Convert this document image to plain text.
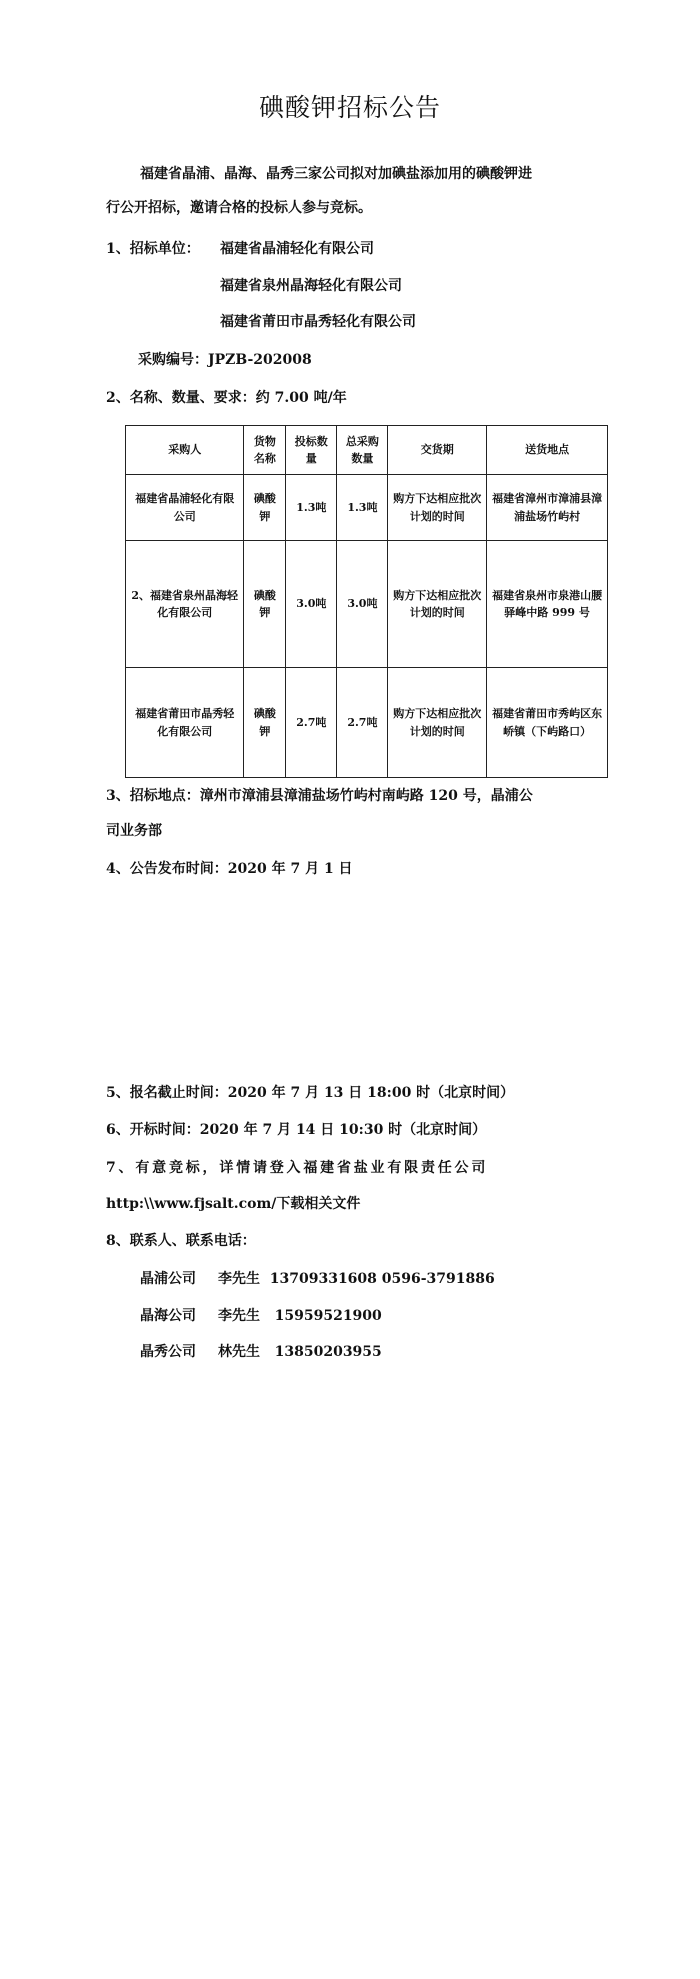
碘酸钾招标公告
福建省晶浦、晶海、晶秀三家公司拟对加碘盐添加用的碘酸钾进
行公开招标，邀请合格的投标人参与竞标。
1、招标单位： 福建省晶浦轻化有限公司
福建省泉州晶海轻化有限公司
福建省莆田市晶秀轻化有限公司
采购编号：JPZB-202008
2、名称、数量、要求：约 7.00 吨/年
采购人	货物名称	投标数量	总采购数量	交货期	送货地点
福建省晶浦轻化有限公司	碘酸钾	1.3吨	1.3吨	购方下达相应批次计划的时间	福建省漳州市漳浦县漳浦盐场竹屿村
2、福建省泉州晶海轻化有限公司	碘酸钾	3.0吨	3.0吨	购方下达相应批次计划的时间	福建省泉州市泉港山腰驿峰中路 999 号
福建省莆田市晶秀轻化有限公司	碘酸钾	2.7吨	2.7吨	购方下达相应批次计划的时间	福建省莆田市秀屿区东峤镇（下屿路口）
3、招标地点：漳州市漳浦县漳浦盐场竹屿村南屿路 120 号，晶浦公
司业务部
4、公告发布时间：2020 年 7 月 1 日
5、报名截止时间：2020 年 7 月 13 日 18:00 时（北京时间）
6、开标时间：2020 年 7 月 14 日 10:30 时（北京时间）
7、有意竞标，详情请登入福建省盐业有限责任公司
http:\\www.fjsalt.com/下载相关文件
8、联系人、联系电话：
晶浦公司 李先生 13709331608 0596-3791886
晶海公司 李先生 15959521900
晶秀公司 林先生 13850203955
